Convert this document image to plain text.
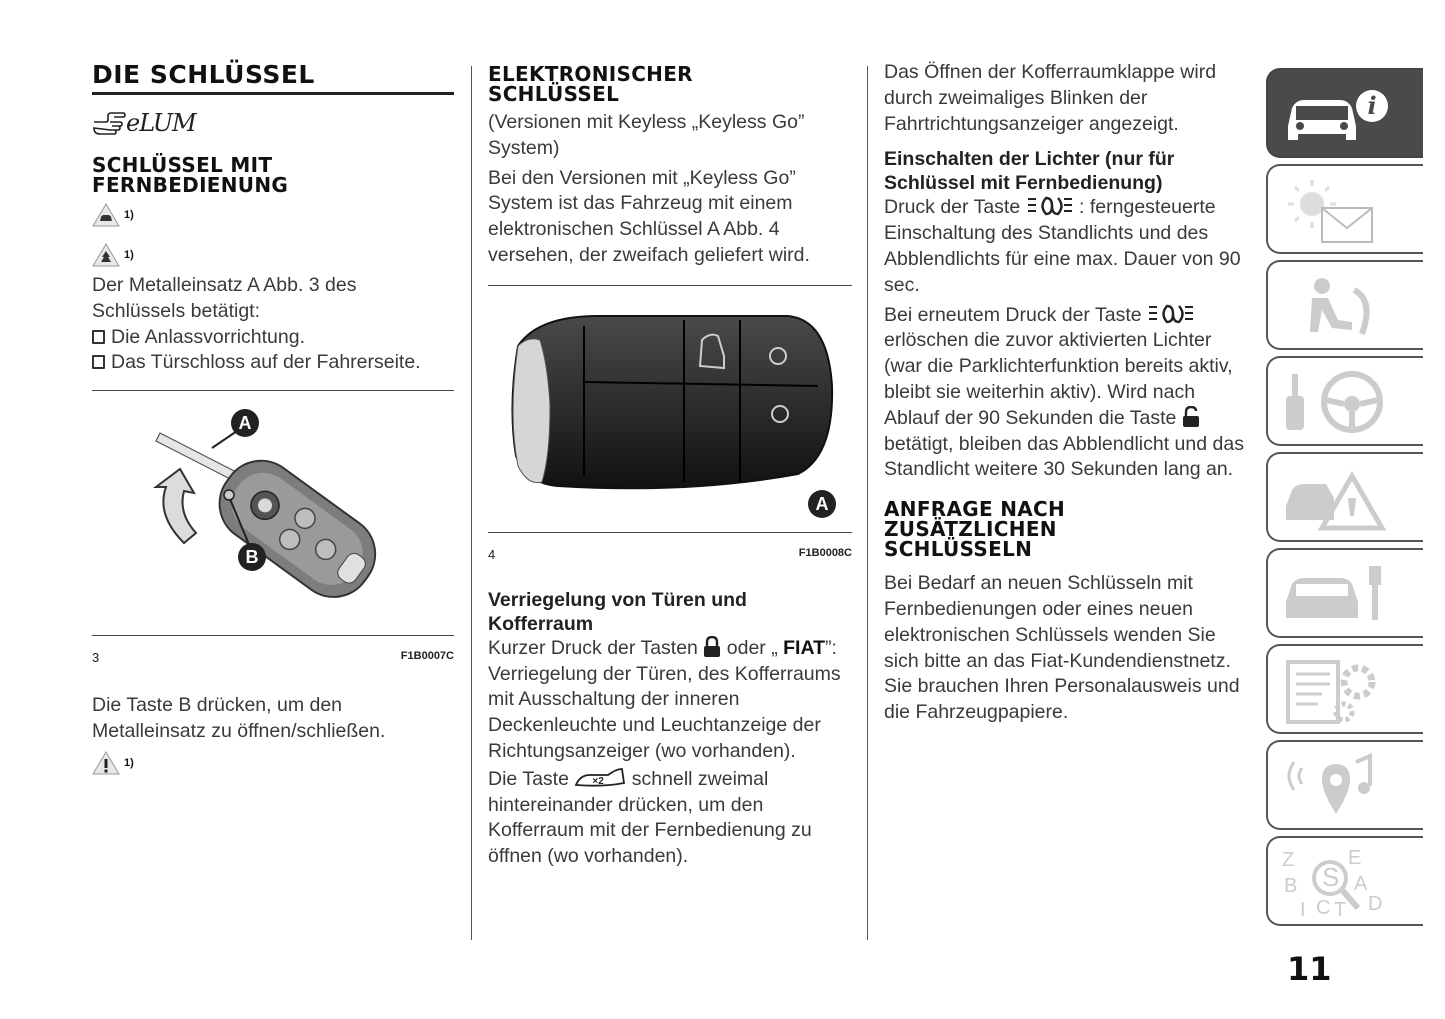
DIE SCHLÜSSEL
eLUM
SCHLÜSSEL MIT FERNBEDIENUNG
1)
1)

Der Metalleinsatz A Abb. 3 des Schlüssels betätigt:

Die Anlassvorrichtung.

Das Türschloss auf der Fahrerseite.

A
B
3	F1B0007C

Die Taste B drücken, um den Metalleinsatz zu öffnen/schließen.

1)
ELEKTRONISCHER SCHLÜSSEL

(Versionen mit Keyless „Keyless Go” System)

Bei den Versionen mit „Keyless Go” System ist das Fahrzeug mit einem elektronischen Schlüssel A Abb. 4 versehen, der zweifach geliefert wird.

A
4	F1B0008C
Verriegelung von Türen und Kofferraum

Kurzer Druck der Tasten oder „ FIAT”: Verriegelung der Türen, des Kofferraums mit Ausschaltung der inneren Deckenleuchte und Leuchtanzeige der Richtungsanzeiger (wo vorhanden).

Die Taste ×2 schnell zweimal hintereinander drücken, um den Kofferraum mit der Fernbedienung zu öffnen (wo vorhanden).

Das Öffnen der Kofferraumklappe wird durch zweimaliges Blinken der Fahrtrichtungsanzeiger angezeigt.

Einschalten der Lichter (nur für Schlüssel mit Fernbedienung)

Druck der Taste	: ferngesteuerte Einschaltung des Standlichts und des Abblendlichts für eine max. Dauer von 90 sec.

Bei erneutem Druck der Taste  erlöschen die zuvor aktivierten Lichter (war die Parklichterfunktion bereits aktiv, bleibt sie weiterhin aktiv). Wird nach Ablauf der 90 Sekunden die Taste  betätigt, bleiben das Abblendlicht und das Standlicht weitere 30 Sekunden lang an.

ANFRAGE NACH ZUSÄTZLICHEN SCHLÜSSELN

Bei Bedarf an neuen Schlüsseln mit Fernbedienungen oder eines neuen elektronischen Schlüssels wenden Sie sich bitte an das Fiat-Kundendienstnetz. Sie brauchen Ihren Personalausweis und die Fahrzeugpapiere.

i
Z	E
B	A
C T D
S
I
11
